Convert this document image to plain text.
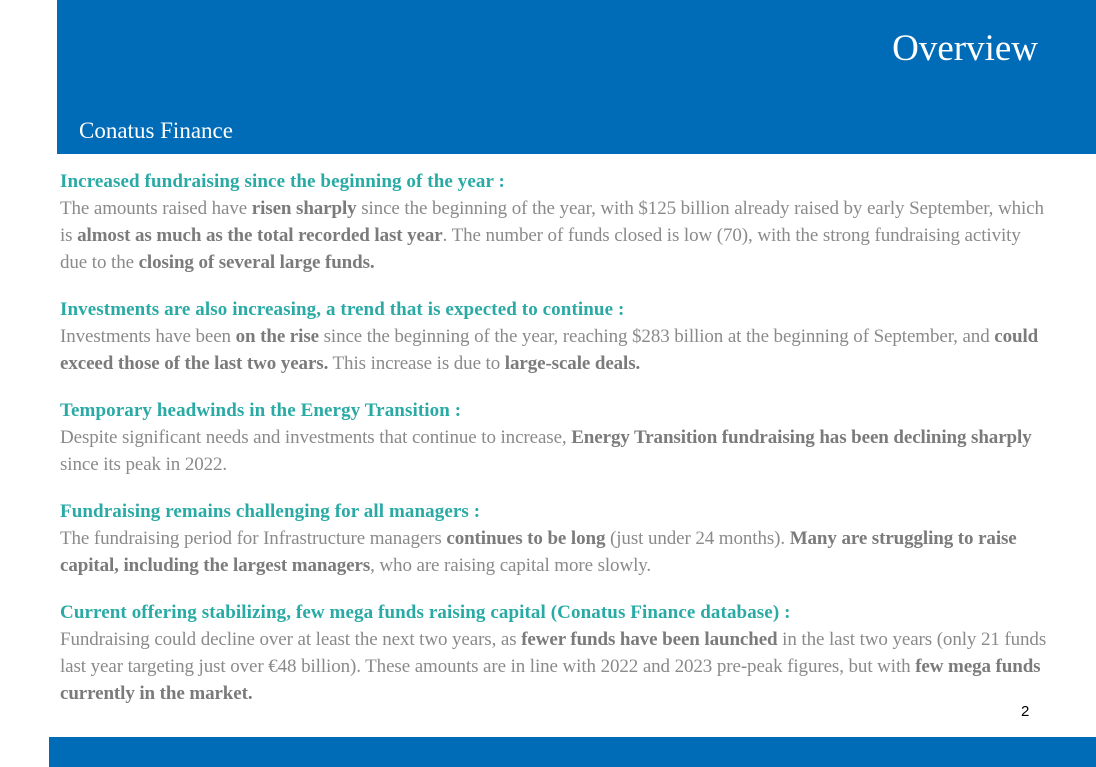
Overview
Conatus Finance
Increased fundraising since the beginning of the year :
The amounts raised have risen sharply since the beginning of the year, with $125 billion already raised by early September, which is almost as much as the total recorded last year. The number of funds closed is low (70), with the strong fundraising activity due to the closing of several large funds.
Investments are also increasing, a trend that is expected to continue :
Investments have been on the rise since the beginning of the year, reaching $283 billion at the beginning of September, and could exceed those of the last two years. This increase is due to large-scale deals.
Temporary headwinds in the Energy Transition :
Despite significant needs and investments that continue to increase, Energy Transition fundraising has been declining sharply since its peak in 2022.
Fundraising remains challenging for all managers :
The fundraising period for Infrastructure managers continues to be long (just under 24 months). Many are struggling to raise capital, including the largest managers, who are raising capital more slowly.
Current offering stabilizing, few mega funds raising capital (Conatus Finance database) :
Fundraising could decline over at least the next two years, as fewer funds have been launched in the last two years (only 21 funds last year targeting just over €48 billion). These amounts are in line with 2022 and 2023 pre-peak figures, but with few mega funds currently in the market.
2
